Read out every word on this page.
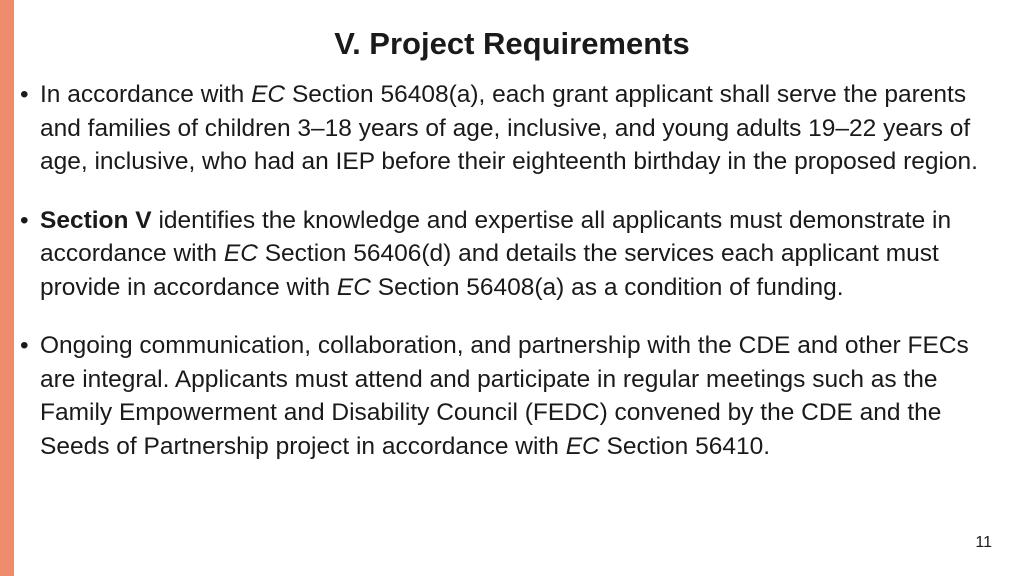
V. Project Requirements
• In accordance with EC Section 56408(a), each grant applicant shall serve the parents and families of children 3–18 years of age, inclusive, and young adults 19–22 years of age, inclusive, who had an IEP before their eighteenth birthday in the proposed region.
• Section V identifies the knowledge and expertise all applicants must demonstrate in accordance with EC Section 56406(d) and details the services each applicant must provide in accordance with EC Section 56408(a) as a condition of funding.
• Ongoing communication, collaboration, and partnership with the CDE and other FECs are integral. Applicants must attend and participate in regular meetings such as the Family Empowerment and Disability Council (FEDC) convened by the CDE and the Seeds of Partnership project in accordance with EC Section 56410.
11
